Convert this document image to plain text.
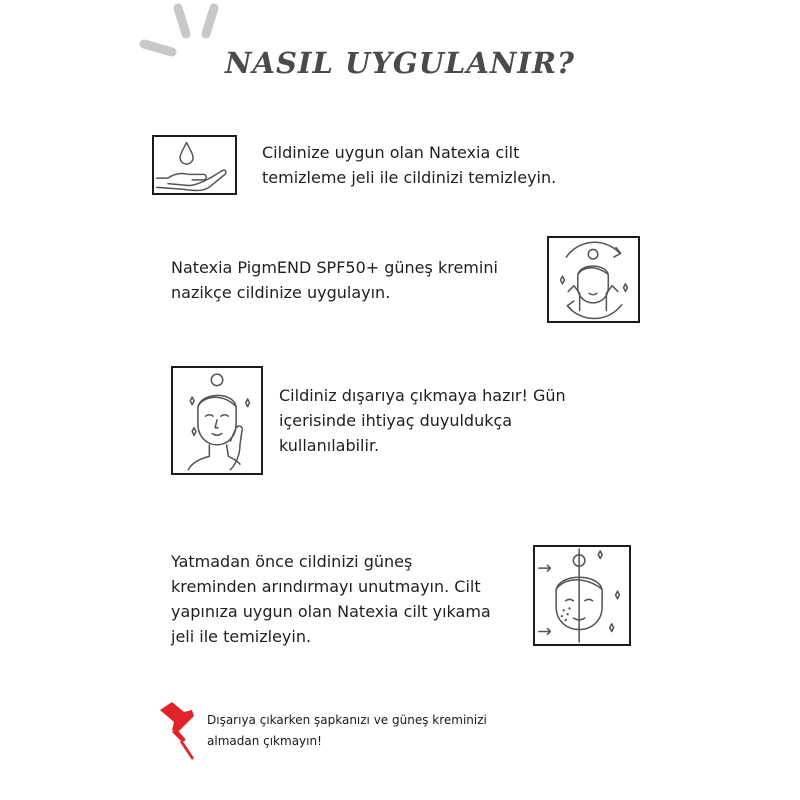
NASIL UYGULANIR?
Cildinize uygun olan Natexia cilt
temizleme jeli ile cildinizi temizleyin.
Natexia PigmEND SPF50+ güneş kremini
nazikçe cildinize uygulayın.
Cildiniz dışarıya çıkmaya hazır! Gün
içerisinde ihtiyaç duyuldukça
kullanılabilir.
Yatmadan önce cildinizi güneş
kreminden arındırmayı unutmayın. Cilt
yapınıza uygun olan Natexia cilt yıkama
jeli ile temizleyin.
Dışarıya çıkarken şapkanızı ve güneş kreminizi
almadan çıkmayın!
